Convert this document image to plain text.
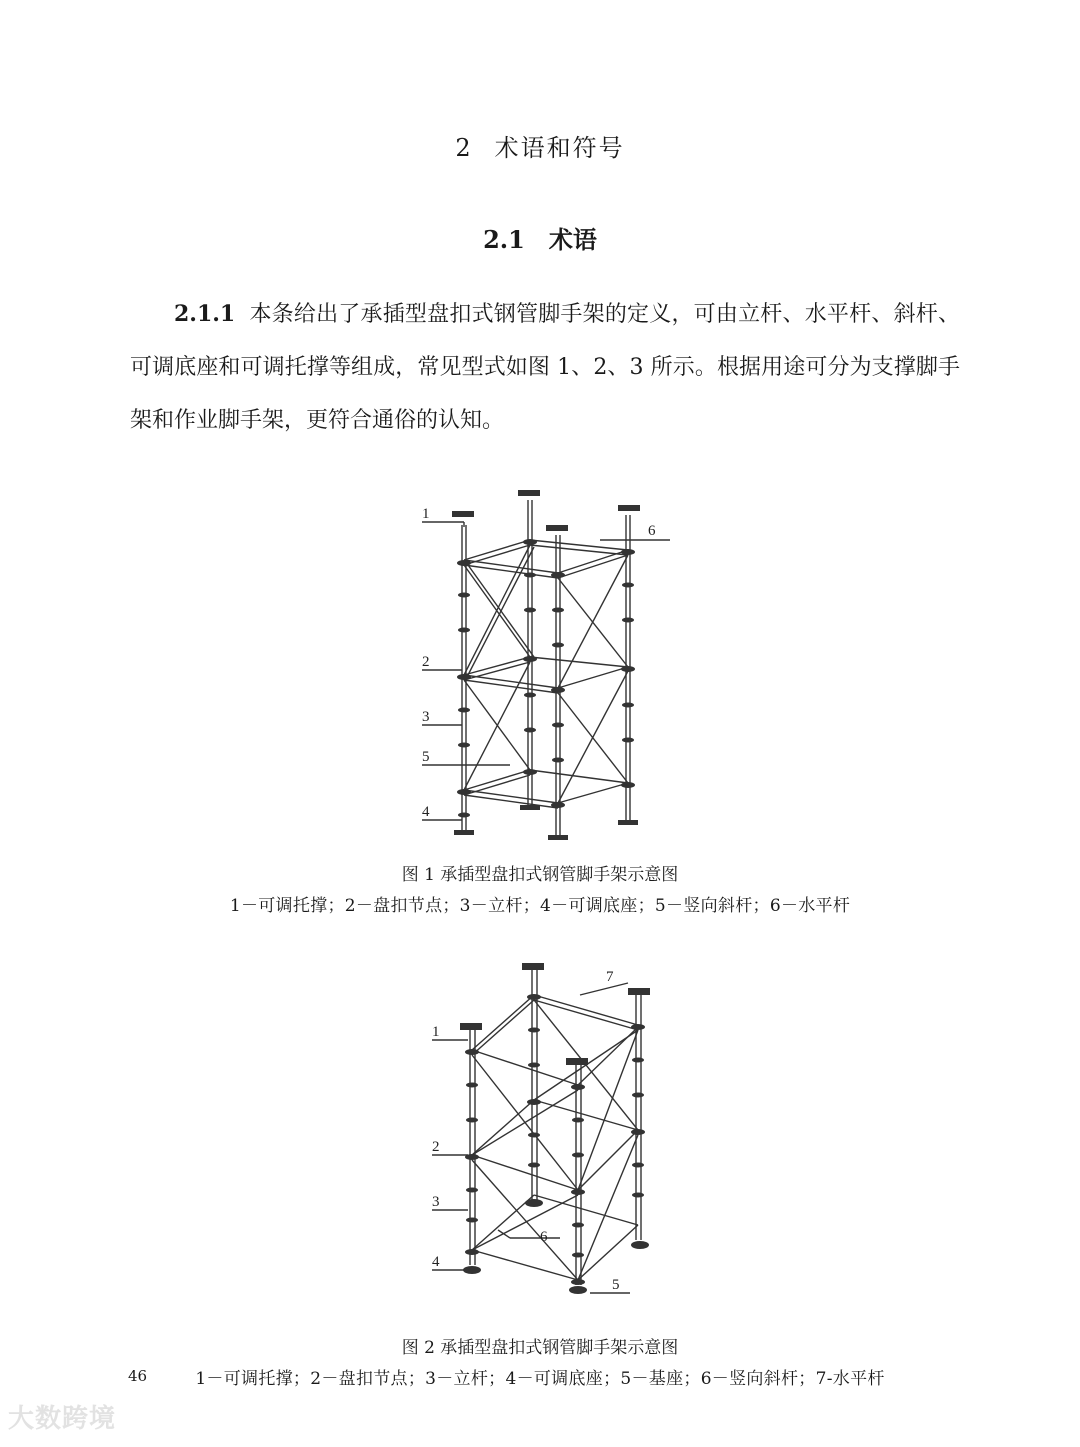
2 术语和符号
2.1 术语
2.1.1 本条给出了承插型盘扣式钢管脚手架的定义，可由立杆、水平杆、斜杆、可调底座和可调托撑等组成，常见型式如图 1、2、3 所示。根据用途可分为支撑脚手架和作业脚手架，更符合通俗的认知。
1
2
3
5
4
6
图 1 承插型盘扣式钢管脚手架示意图
1－可调托撑；2－盘扣节点；3－立杆；4－可调底座；5－竖向斜杆；6－水平杆
7
1
2
3
6
4
5
图 2 承插型盘扣式钢管脚手架示意图
1－可调托撑；2－盘扣节点；3－立杆；4－可调底座；5－基座；6－竖向斜杆；7-水平杆
46
大数跨境
